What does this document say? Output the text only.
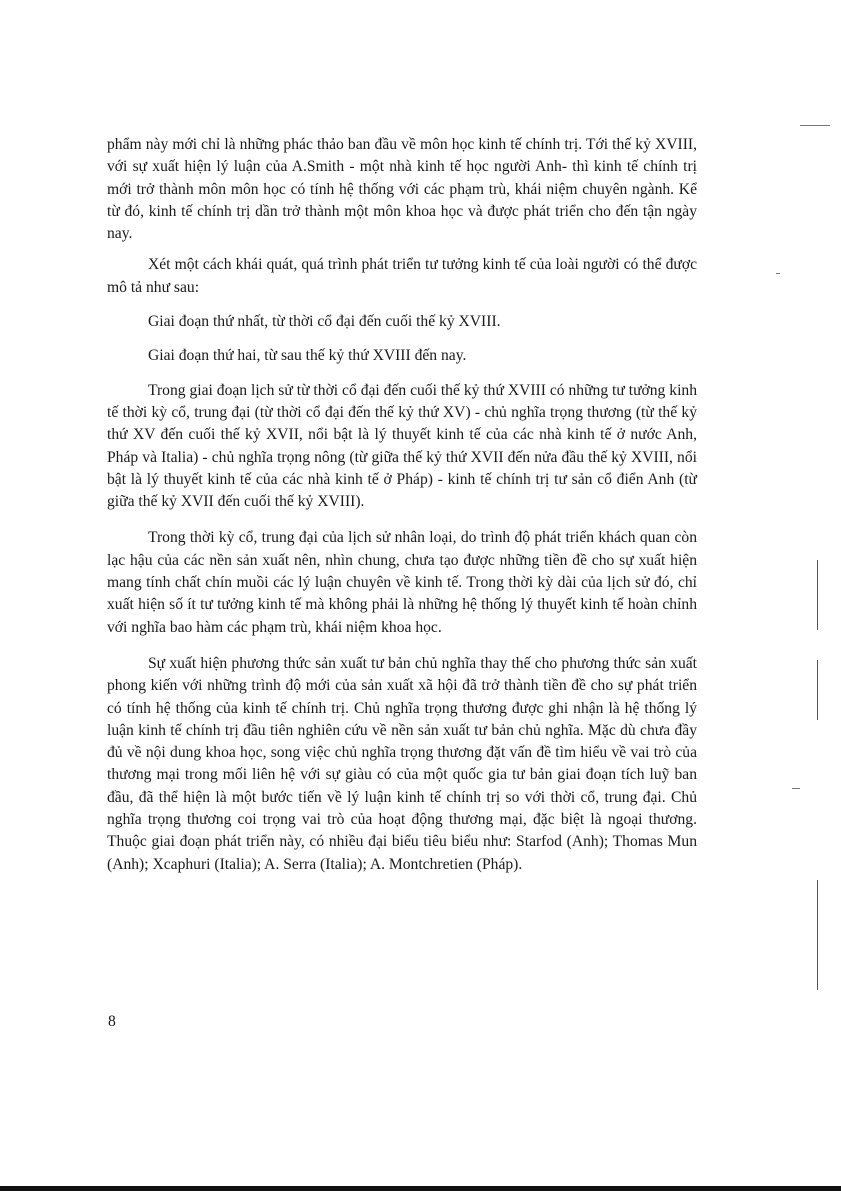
phẩm này mới chỉ là những phác thảo ban đầu về môn học kinh tế chính trị. Tới thế kỷ XVIII, với sự xuất hiện lý luận của A.Smith - một nhà kinh tế học người Anh- thì kinh tế chính trị mới trở thành môn môn học có tính hệ thống với các phạm trù, khái niệm chuyên ngành. Kể từ đó, kinh tế chính trị dần trở thành một môn khoa học và được phát triển cho đến tận ngày nay.

Xét một cách khái quát, quá trình phát triển tư tưởng kinh tế của loài người có thể được mô tả như sau:

Giai đoạn thứ nhất, từ thời cổ đại đến cuối thế kỷ XVIII.

Giai đoạn thứ hai, từ sau thế kỷ thứ XVIII đến nay.

Trong giai đoạn lịch sử từ thời cổ đại đến cuối thế kỷ thứ XVIII có những tư tưởng kinh tế thời kỳ cổ, trung đại (từ thời cổ đại đến thế kỷ thứ XV) - chủ nghĩa trọng thương (từ thế kỷ thứ XV đến cuối thế kỷ XVII, nổi bật là lý thuyết kinh tế của các nhà kinh tế ở nước Anh, Pháp và Italia) - chủ nghĩa trọng nông (từ giữa thế kỷ thứ XVII đến nửa đầu thế kỷ XVIII, nổi bật là lý thuyết kinh tế của các nhà kinh tế ở Pháp) - kinh tế chính trị tư sản cổ điển Anh (từ giữa thế kỷ XVII đến cuối thế kỷ XVIII).

Trong thời kỳ cổ, trung đại của lịch sử nhân loại, do trình độ phát triển khách quan còn lạc hậu của các nền sản xuất nên, nhìn chung, chưa tạo được những tiền đề cho sự xuất hiện mang tính chất chín muồi các lý luận chuyên về kinh tế. Trong thời kỳ dài của lịch sử đó, chỉ xuất hiện số ít tư tưởng kinh tế mà không phải là những hệ thống lý thuyết kinh tế hoàn chỉnh với nghĩa bao hàm các phạm trù, khái niệm khoa học.

Sự xuất hiện phương thức sản xuất tư bản chủ nghĩa thay thế cho phương thức sản xuất phong kiến với những trình độ mới của sản xuất xã hội đã trở thành tiền đề cho sự phát triển có tính hệ thống của kinh tế chính trị. Chủ nghĩa trọng thương được ghi nhận là hệ thống lý luận kinh tế chính trị đầu tiên nghiên cứu về nền sản xuất tư bản chủ nghĩa. Mặc dù chưa đầy đủ về nội dung khoa học, song việc chủ nghĩa trọng thương đặt vấn đề tìm hiểu về vai trò của thương mại trong mối liên hệ với sự giàu có của một quốc gia tư bản giai đoạn tích luỹ ban đầu, đã thể hiện là một bước tiến về lý luận kinh tế chính trị so với thời cổ, trung đại. Chủ nghĩa trọng thương coi trọng vai trò của hoạt động thương mại, đặc biệt là ngoại thương. Thuộc giai đoạn phát triển này, có nhiều đại biểu tiêu biểu như: Starfod (Anh); Thomas Mun (Anh); Xcaphuri (Italia); A. Serra (Italia); A. Montchretien (Pháp).

8
